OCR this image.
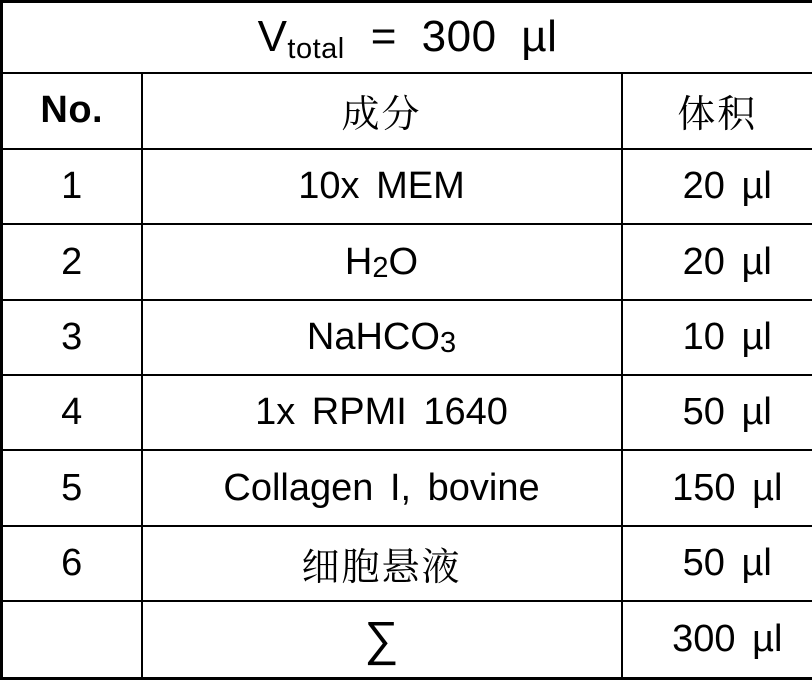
$V_{total} = 300$ µl		
No.	成分	体积
1	10x MEM	20 µl
2	$H_2O$	20 µl
3	NaHCO$_3$	10 µl
4	1x RPMI 1640	50 µl
5	Collagen I, bovine	150 µl
6	细胞悬液	50 µl
	∑	300 µl
